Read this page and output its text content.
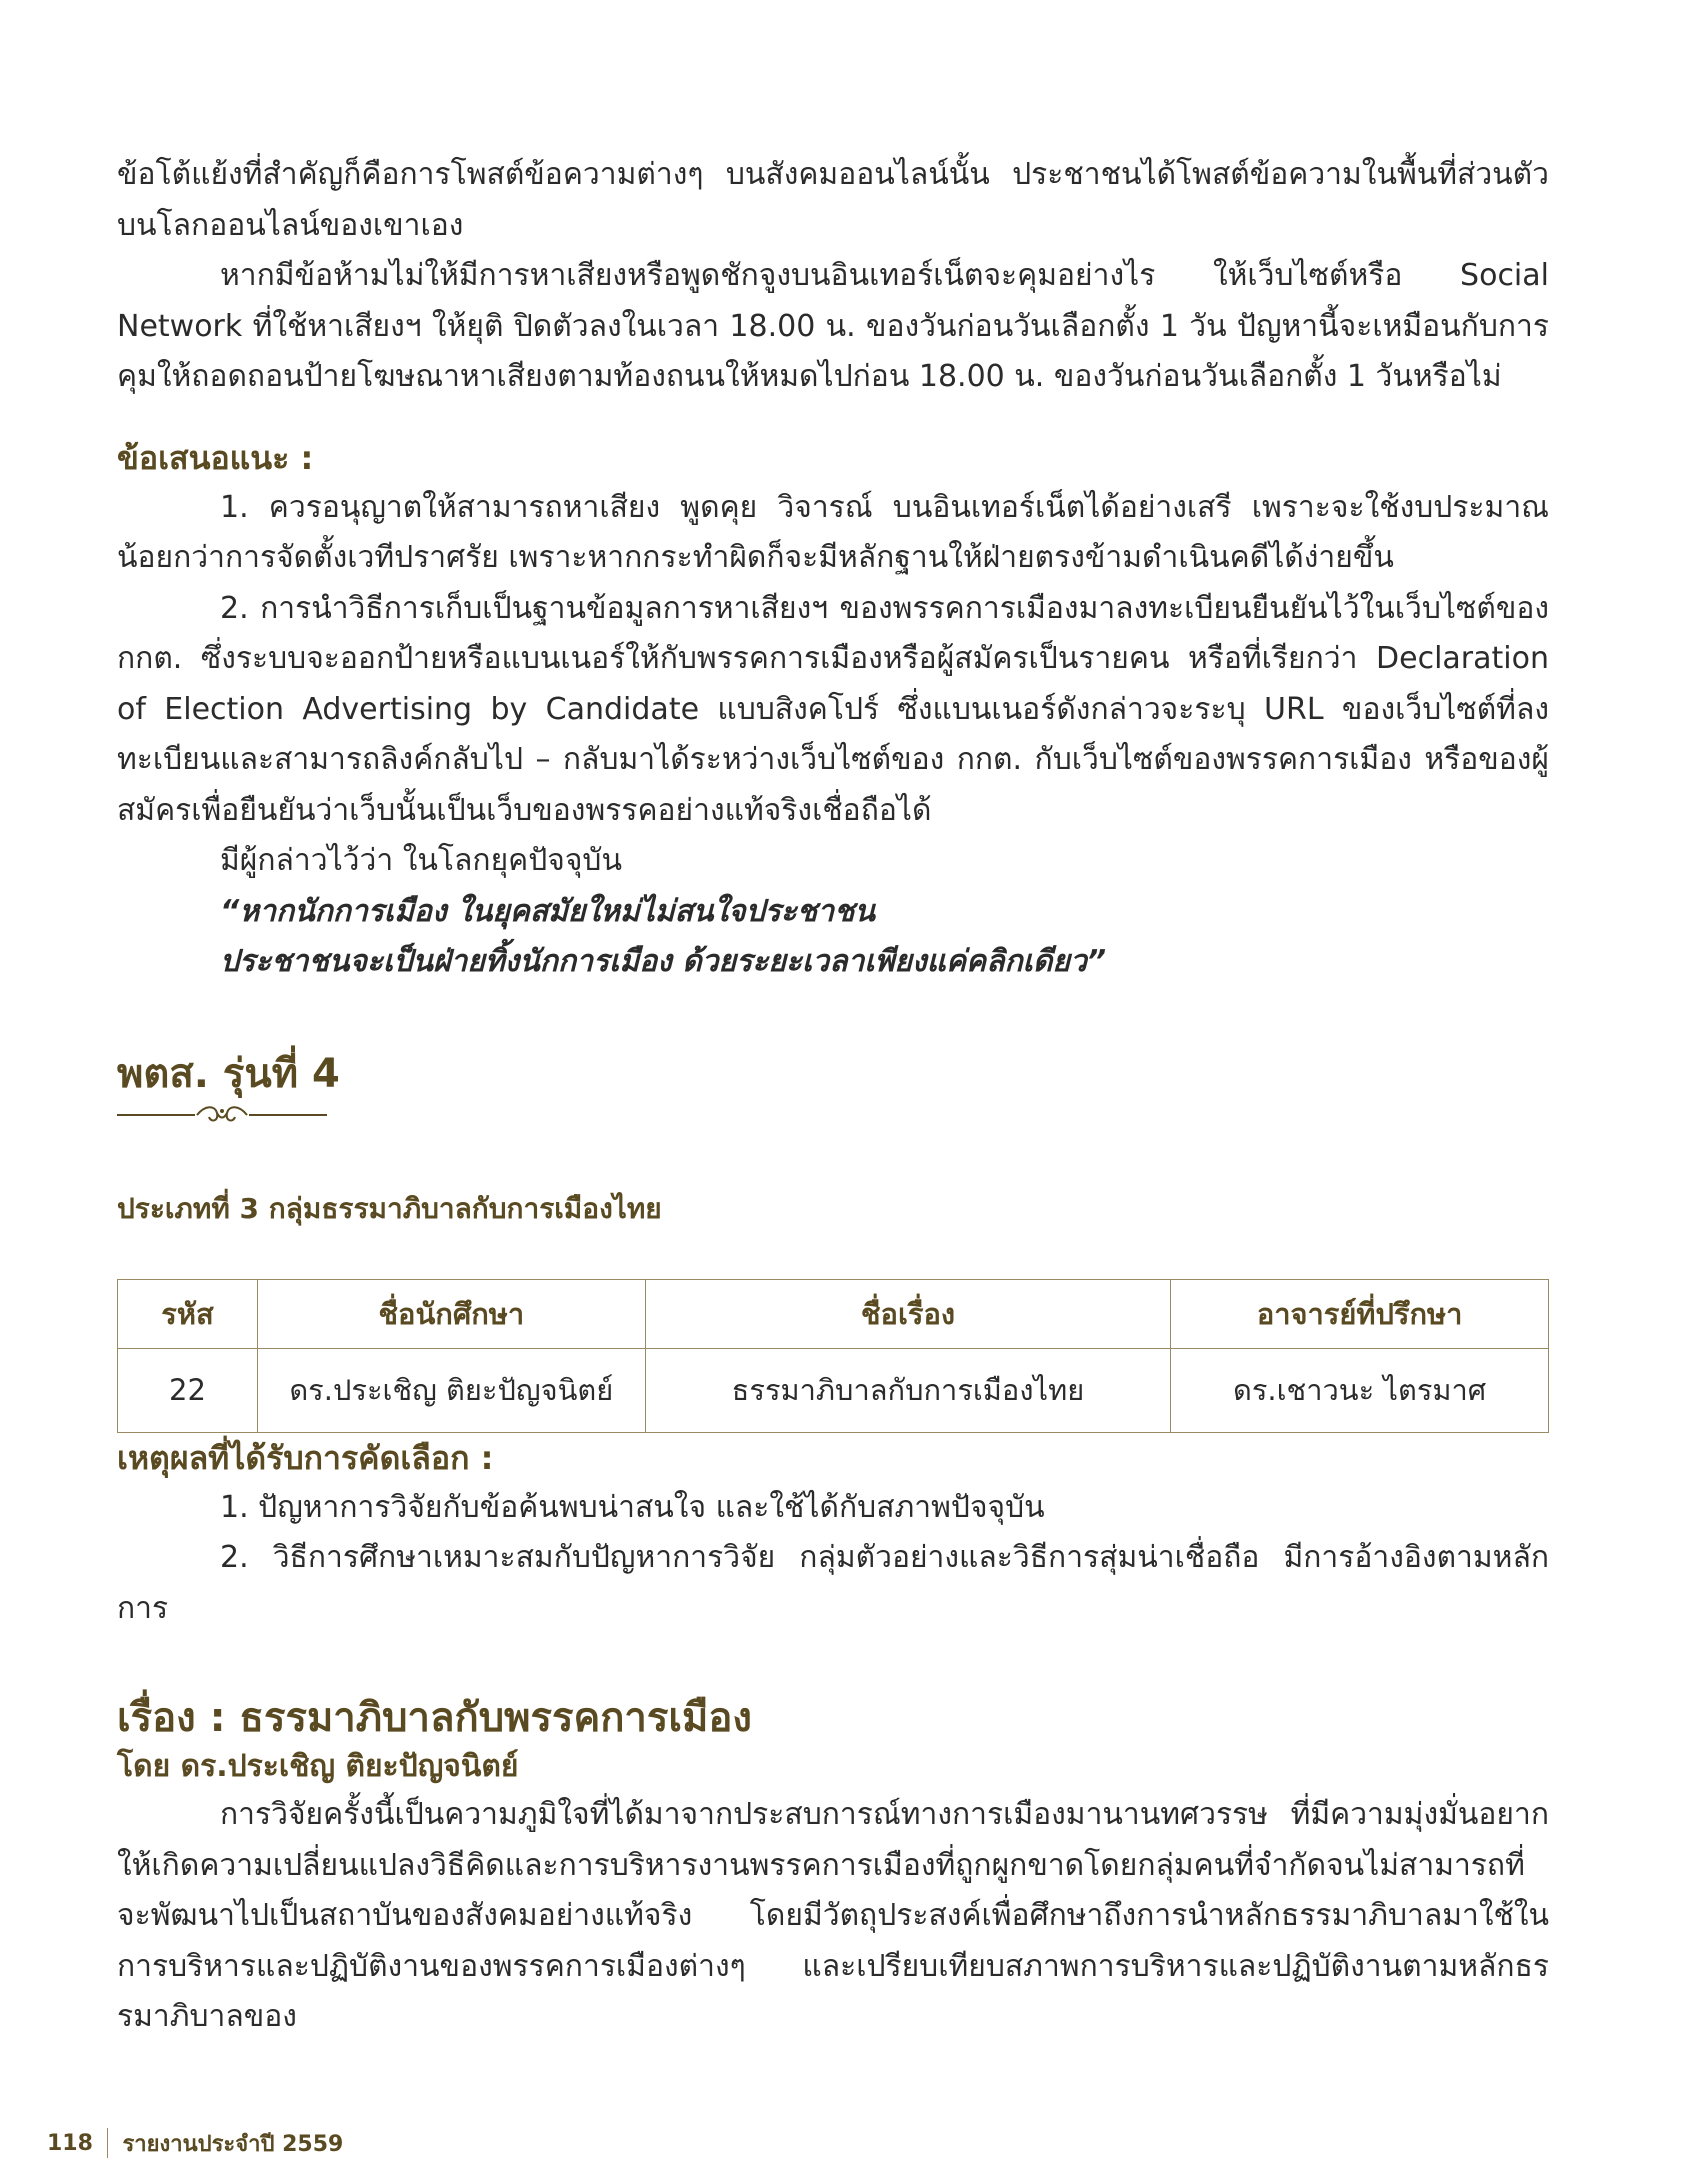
ข้อโต้แย้งที่สำคัญก็คือการโพสต์ข้อความต่างๆ บนสังคมออนไลน์นั้น ประชาชนได้โพสต์ข้อความในพื้นที่ส่วนตัวบนโลกออนไลน์ของเขาเอง

หากมีข้อห้ามไม่ให้มีการหาเสียงหรือพูดชักจูงบนอินเทอร์เน็ตจะคุมอย่างไร ให้เว็บไซต์หรือ Social Network ที่ใช้หาเสียงฯ ให้ยุติ ปิดตัวลงในเวลา 18.00 น. ของวันก่อนวันเลือกตั้ง 1 วัน ปัญหานี้จะเหมือนกับการคุมให้ถอดถอนป้ายโฆษณาหาเสียงตามท้องถนนให้หมดไปก่อน 18.00 น. ของวันก่อนวันเลือกตั้ง 1 วันหรือไม่

ข้อเสนอแนะ :

1. ควรอนุญาตให้สามารถหาเสียง พูดคุย วิจารณ์ บนอินเทอร์เน็ตได้อย่างเสรี เพราะจะใช้งบประมาณน้อยกว่าการจัดตั้งเวทีปราศรัย เพราะหากกระทำผิดก็จะมีหลักฐานให้ฝ่ายตรงข้ามดำเนินคดีได้ง่ายขึ้น

2. การนำวิธีการเก็บเป็นฐานข้อมูลการหาเสียงฯ ของพรรคการเมืองมาลงทะเบียนยืนยันไว้ในเว็บไซต์ของ กกต. ซึ่งระบบจะออกป้ายหรือแบนเนอร์ให้กับพรรคการเมืองหรือผู้สมัครเป็นรายคน หรือที่เรียกว่า Declaration of Election Advertising by Candidate แบบสิงคโปร์ ซึ่งแบนเนอร์ดังกล่าวจะระบุ URL ของเว็บไซต์ที่ลงทะเบียนและสามารถลิงค์กลับไป – กลับมาได้ระหว่างเว็บไซต์ของ กกต. กับเว็บไซต์ของพรรคการเมือง หรือของผู้สมัครเพื่อยืนยันว่าเว็บนั้นเป็นเว็บของพรรคอย่างแท้จริงเชื่อถือได้

มีผู้กล่าวไว้ว่า ในโลกยุคปัจจุบัน

“หากนักการเมือง ในยุคสมัยใหม่ไม่สนใจประชาชน

ประชาชนจะเป็นฝ่ายทิ้งนักการเมือง ด้วยระยะเวลาเพียงแค่คลิกเดียว”

พตส. รุ่นที่ 4
ประเภทที่ 3 กลุ่มธรรมาภิบาลกับการเมืองไทย
รหัส	ชื่อนักศึกษา	ชื่อเรื่อง	อาจารย์ที่ปรึกษา
22	ดร.ประเชิญ ติยะปัญจนิตย์	ธรรมาภิบาลกับการเมืองไทย	ดร.เชาวนะ ไตรมาศ
เหตุผลที่ได้รับการคัดเลือก :

1. ปัญหาการวิจัยกับข้อค้นพบน่าสนใจ และใช้ได้กับสภาพปัจจุบัน

2. วิธีการศึกษาเหมาะสมกับปัญหาการวิจัย กลุ่มตัวอย่างและวิธีการสุ่มน่าเชื่อถือ มีการอ้างอิงตามหลักการ

เรื่อง : ธรรมาภิบาลกับพรรคการเมือง
โดย ดร.ประเชิญ ติยะปัญจนิตย์

การวิจัยครั้งนี้เป็นความภูมิใจที่ได้มาจากประสบการณ์ทางการเมืองมานานทศวรรษ ที่มีความมุ่งมั่นอยากให้เกิดความเปลี่ยนแปลงวิธีคิดและการบริหารงานพรรคการเมืองที่ถูกผูกขาดโดยกลุ่มคนที่จำกัดจนไม่สามารถที่จะพัฒนาไปเป็นสถาบันของสังคมอย่างแท้จริง โดยมีวัตถุประสงค์เพื่อศึกษาถึงการนำหลักธรรมาภิบาลมาใช้ในการบริหารและปฏิบัติงานของพรรคการเมืองต่างๆ และเปรียบเทียบสภาพการบริหารและปฏิบัติงานตามหลักธรรมาภิบาลของ

118 รายงานประจำปี 2559
